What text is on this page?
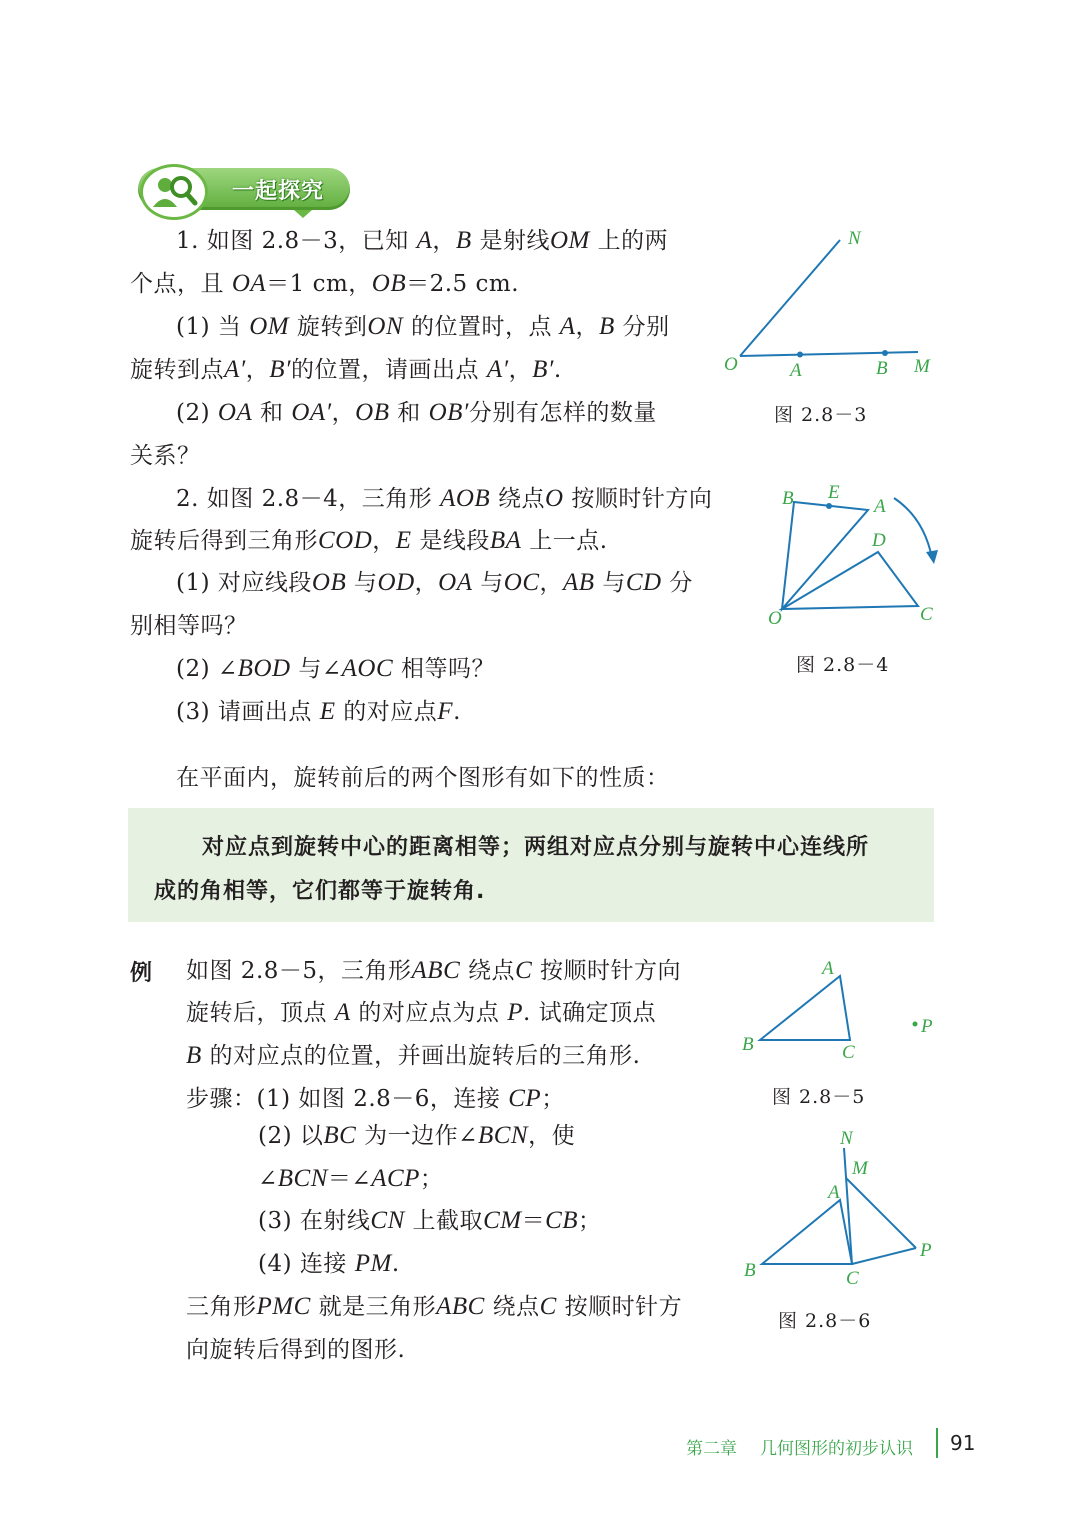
一起探究
1. 如图 2.8－3，已知 A，B 是射线OM 上的两
个点，且 OA＝1 cm，OB＝2.5 cm.
(1) 当 OM 旋转到ON 的位置时，点 A，B 分别
旋转到点A′，B′的位置，请画出点 A′，B′.
(2) OA 和 OA′，OB 和 OB′分别有怎样的数量
关系？
2. 如图 2.8－4，三角形 AOB 绕点O 按顺时针方向
旋转后得到三角形COD，E 是线段BA 上一点.
(1) 对应线段OB 与OD，OA 与OC，AB 与CD 分
别相等吗？
(2) ∠BOD 与∠AOC 相等吗？
(3) 请画出点 E 的对应点F.
在平面内，旋转前后的两个图形有如下的性质：
对应点到旋转中心的距离相等；两组对应点分别与旋转中心连线所
成的角相等，它们都等于旋转角.
例 如图 2.8－5，三角形ABC 绕点C 按顺时针方向
旋转后，顶点 A 的对应点为点 P. 试确定顶点
B 的对应点的位置，并画出旋转后的三角形.
步骤：(1) 如图 2.8－6，连接 CP；
(2) 以BC 为一边作∠BCN，使
∠BCN＝∠ACP；
(3) 在射线CN 上截取CM＝CB；
(4) 连接 PM.
三角形PMC 就是三角形ABC 绕点C 按顺时针方
向旋转后得到的图形.
N
O	A	B M
图 2.8－3
B E
A
D
O	C
图 2.8－4
A
B	C
P
图 2.8－5
N
M
A
B	C
P
图 2.8－6
第二章 几何图形的初步认识 91
